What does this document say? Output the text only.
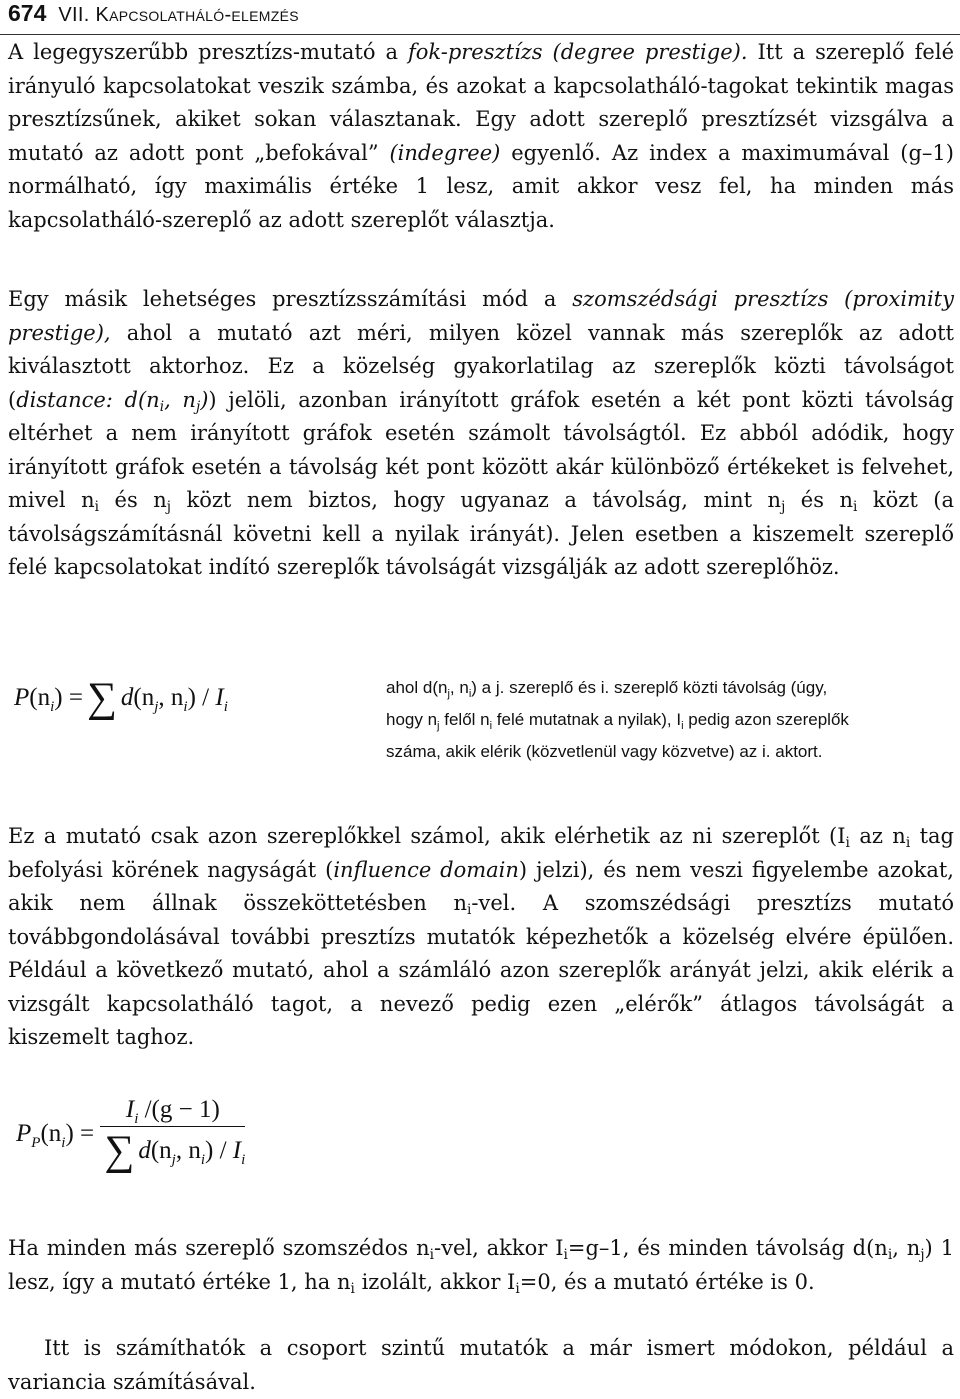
674 VII. Kapcsolatháló-elemzés

A legegyszerűbb presztízs-mutató a fok-presztízs (degree prestige). Itt a szereplő felé irányuló kapcsolatokat veszik számba, és azokat a kapcsolatháló-tagokat tekintik magas presztízsűnek, akiket sokan választanak. Egy adott szereplő presztízsét vizsgálva a mutató az adott pont „befokával” (indegree) egyenlő. Az index a maximumával (g–1) normálható, így maximális értéke 1 lesz, amit akkor vesz fel, ha minden más kapcsolatháló-szereplő az adott szereplőt választja.

Egy másik lehetséges presztízsszámítási mód a szomszédsági presztízs (proximity prestige), ahol a mutató azt méri, milyen közel vannak más szereplők az adott kiválasztott aktorhoz. Ez a közelség gyakorlatilag az szereplők közti távolságot (distance: $d(n_i$, $n_j$)) jelöli, azonban irányított gráfok esetén a két pont közti távolság eltérhet a nem irányított gráfok esetén számolt távolságtól. Ez abból adódik, hogy irányított gráfok esetén a távolság két pont között akár különböző értékeket is felvehet, mivel $n_i$ és $n_j$ közt nem biztos, hogy ugyanaz a távolság, mint $n_j$ és $n_i$ közt (a távolságszámításnál követni kell a nyilak irányát). Jelen esetben a kiszemelt szereplő felé kapcsolatokat indító szereplők távolságát vizsgálják az adott szereplőhöz.

$P(n_i)$ =∑ $d(n_j$, $n_i) / I_i$
ahol $d(n_j$, $n_i$) a j. szereplő és i. szereplő közti távolság (úgy,
hogy $n_j$ felől $n_i$ felé mutatnak a nyilak), $I_i$ pedig azon szereplők
száma, akik elérik (közvetlenül vagy közvetve) az i. aktort.

Ez a mutató csak azon szereplőkkel számol, akik elérhetik az ni szereplőt ($I_i$ az $n_i$ tag befolyási körének nagyságát (influence domain) jelzi), és nem veszi figyelembe azokat, akik nem állnak összeköttetésben $n_i$-vel. A szomszédsági presztízs mutató továbbgondolásával további presztízs mutatók képezhetők a közelség elvére épülően. Például a következő mutató, ahol a számláló azon szereplők arányát jelzi, akik elérik a vizsgált kapcsolatháló tagot, a nevező pedig ezen „elérők” átlagos távolságát a kiszemelt taghoz.

$P_P(n_i) = \frac{I_i /(g - 1)}{\sum d(n_j, n_i) / I_i}$

Ha minden más szereplő szomszédos $n_i$-vel, akkor $I_i=g-1$, és minden távolság $d(n_i$, $n_j$) 1 lesz, így a mutató értéke 1, ha $n_i$ izolált, akkor $I_i=0$, és a mutató értéke is 0.

Itt is számíthatók a csoport szintű mutatók a már ismert módokon, például a variancia számításával.
